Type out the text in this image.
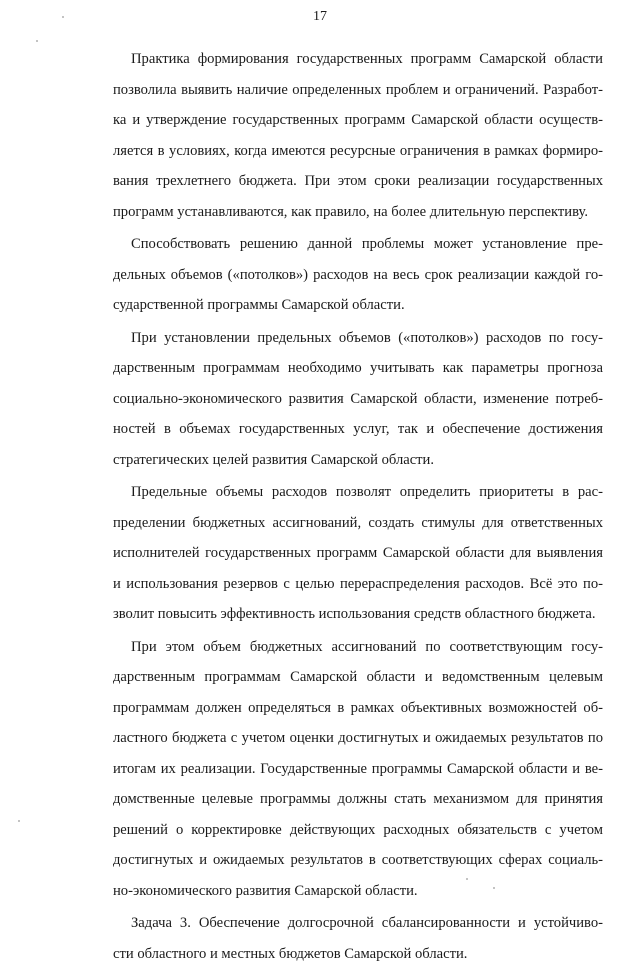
17
Практика формирования государственных программ Самарской области
позволила выявить наличие определенных проблем и ограничений. Разработ-
ка и утверждение государственных программ Самарской области осуществ-
ляется в условиях, когда имеются ресурсные ограничения в рамках формиро-
вания трехлетнего бюджета. При этом сроки реализации государственных
программ устанавливаются, как правило, на более длительную перспективу.
Способствовать решению данной проблемы может установление пре-
дельных объемов («потолков») расходов на весь срок реализации каждой го-
сударственной программы Самарской области.
При установлении предельных объемов («потолков») расходов по госу-
дарственным программам необходимо учитывать как параметры прогноза
социально-экономического развития Самарской области, изменение потреб-
ностей в объемах государственных услуг, так и обеспечение достижения
стратегических целей развития Самарской области.
Предельные объемы расходов позволят определить приоритеты в рас-
пределении бюджетных ассигнований, создать стимулы для ответственных
исполнителей государственных программ Самарской области для выявления
и использования резервов с целью перераспределения расходов. Всё это по-
зволит повысить эффективность использования средств областного бюджета.
При этом объем бюджетных ассигнований по соответствующим госу-
дарственным программам Самарской области и ведомственным целевым
программам должен определяться в рамках объективных возможностей об-
ластного бюджета с учетом оценки достигнутых и ожидаемых результатов по
итогам их реализации. Государственные программы Самарской области и ве-
домственные целевые программы должны стать механизмом для принятия
решений о корректировке действующих расходных обязательств с учетом
достигнутых и ожидаемых результатов в соответствующих сферах социаль-
но-экономического развития Самарской области.
Задача 3. Обеспечение долгосрочной сбалансированности и устойчиво-
сти областного и местных бюджетов Самарской области.
